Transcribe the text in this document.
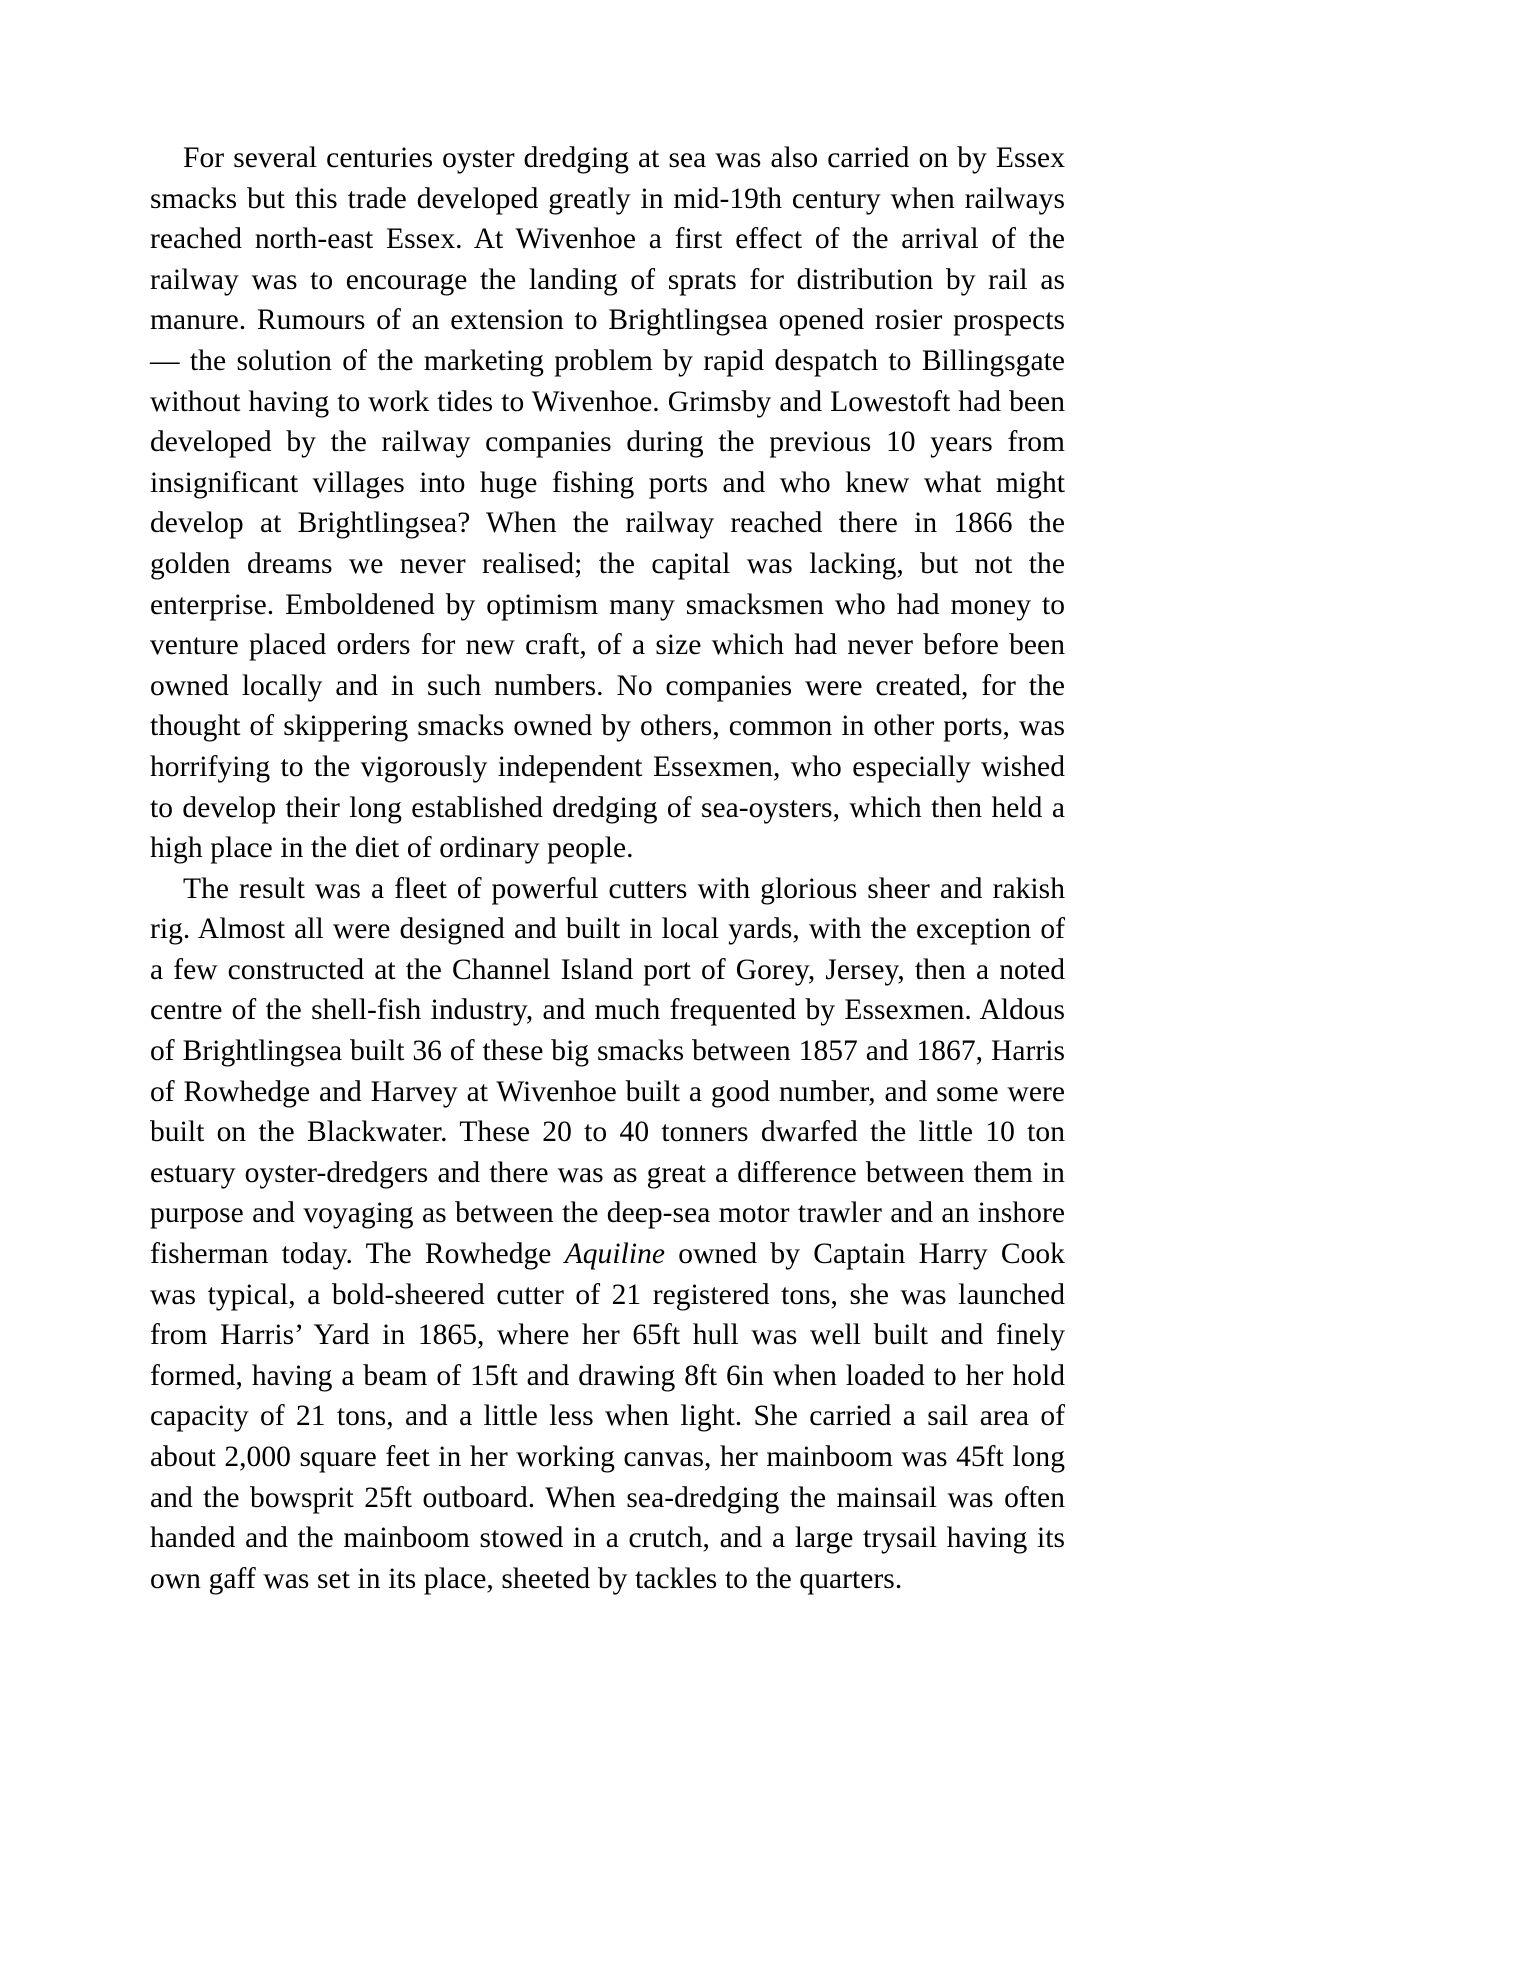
For several centuries oyster dredging at sea was also carried on by Essex smacks but this trade developed greatly in mid-19th century when railways reached north-east Essex. At Wivenhoe a first effect of the arrival of the railway was to encourage the landing of sprats for distribution by rail as manure. Rumours of an extension to Brightlingsea opened rosier prospects — the solution of the marketing problem by rapid despatch to Billingsgate without having to work tides to Wivenhoe. Grimsby and Lowestoft had been developed by the railway companies during the previous 10 years from insignificant villages into huge fishing ports and who knew what might develop at Brightlingsea? When the railway reached there in 1866 the golden dreams we never realised; the capital was lacking, but not the enterprise. Emboldened by optimism many smacksmen who had money to venture placed orders for new craft, of a size which had never before been owned locally and in such numbers. No companies were created, for the thought of skippering smacks owned by others, common in other ports, was horrifying to the vigorously independent Essexmen, who especially wished to develop their long established dredging of sea-oysters, which then held a high place in the diet of ordinary people.

The result was a fleet of powerful cutters with glorious sheer and rakish rig. Almost all were designed and built in local yards, with the exception of a few constructed at the Channel Island port of Gorey, Jersey, then a noted centre of the shell-fish industry, and much frequented by Essexmen. Aldous of Brightlingsea built 36 of these big smacks between 1857 and 1867, Harris of Rowhedge and Harvey at Wivenhoe built a good number, and some were built on the Blackwater. These 20 to 40 tonners dwarfed the little 10 ton estuary oyster-dredgers and there was as great a difference between them in purpose and voyaging as between the deep-sea motor trawler and an inshore fisherman today. The Rowhedge Aquiline owned by Captain Harry Cook was typical, a bold-sheered cutter of 21 registered tons, she was launched from Harris’ Yard in 1865, where her 65ft hull was well built and finely formed, having a beam of 15ft and drawing 8ft 6in when loaded to her hold capacity of 21 tons, and a little less when light. She carried a sail area of about 2,000 square feet in her working canvas, her mainboom was 45ft long and the bowsprit 25ft outboard. When sea-dredging the mainsail was often handed and the mainboom stowed in a crutch, and a large trysail having its own gaff was set in its place, sheeted by tackles to the quarters.
